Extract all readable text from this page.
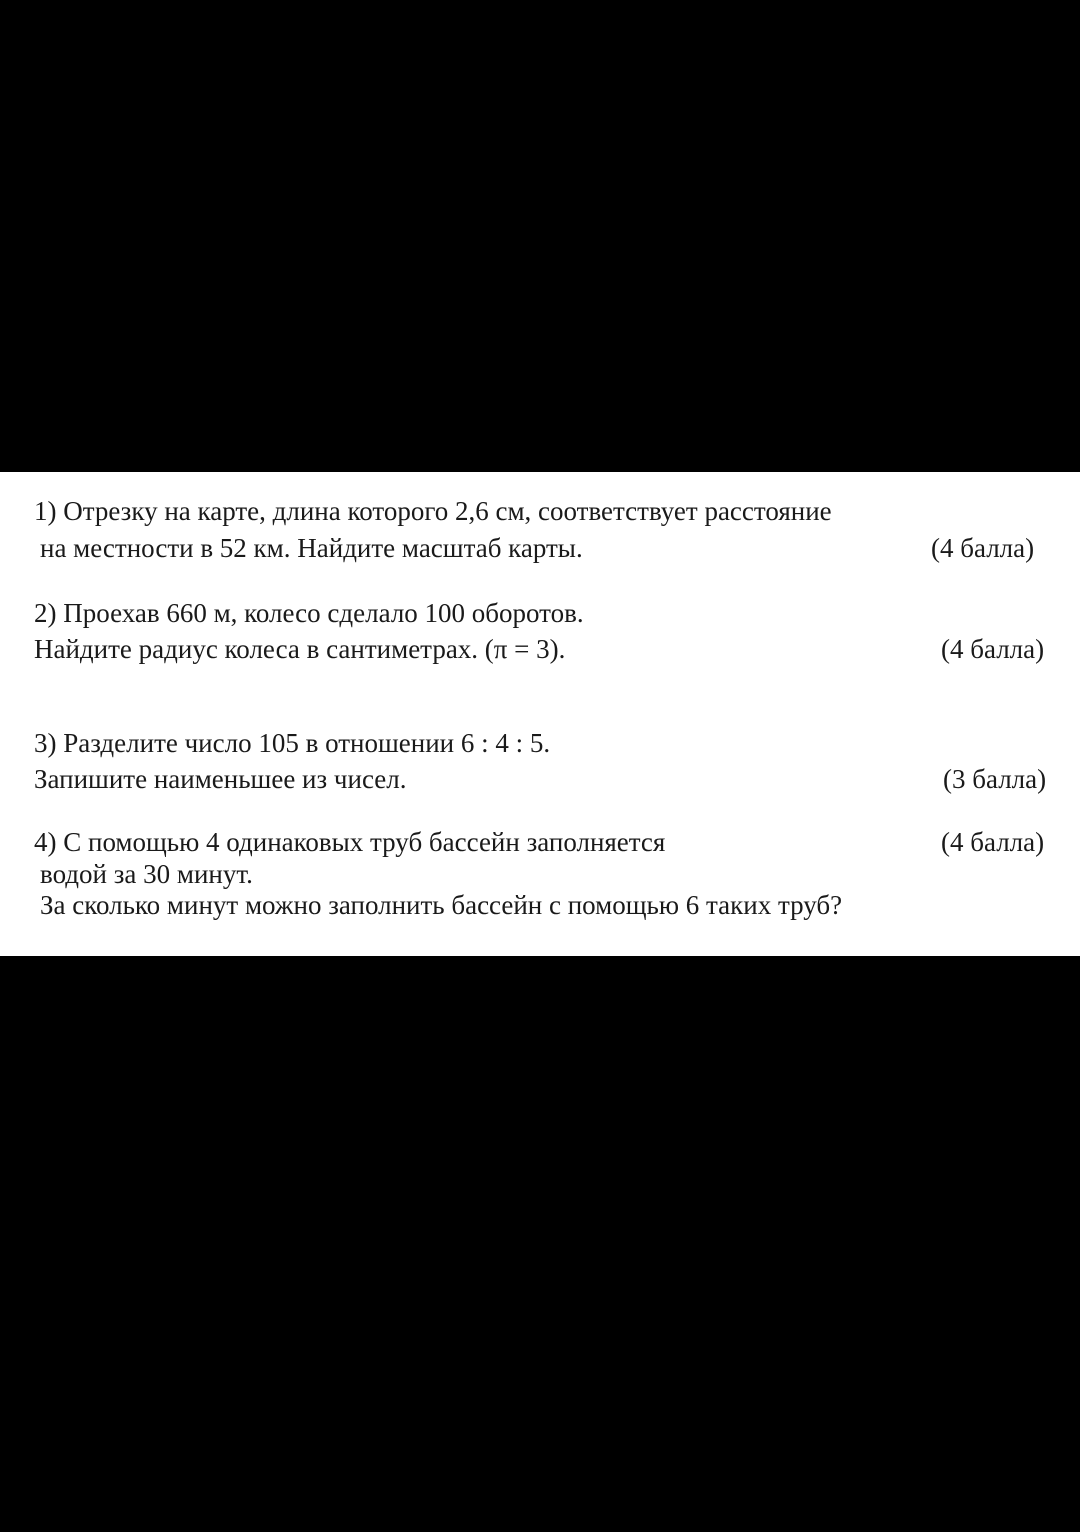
1) Отрезку на карте, длина которого 2,6 см, соответствует расстояние
на местности в 52 км. Найдите масштаб карты.	(4 балла)
2) Проехав 660 м, колесо сделало 100 оборотов.
Найдите радиус колеса в сантиметрах. (π = 3).	(4 балла)
3) Разделите число 105 в отношении 6 : 4 : 5.
Запишите наименьшее из чисел.	(3 балла)
4) С помощью 4 одинаковых труб бассейн заполняется	(4 балла)
водой за 30 минут.
За сколько минут можно заполнить бассейн с помощью 6 таких труб?
